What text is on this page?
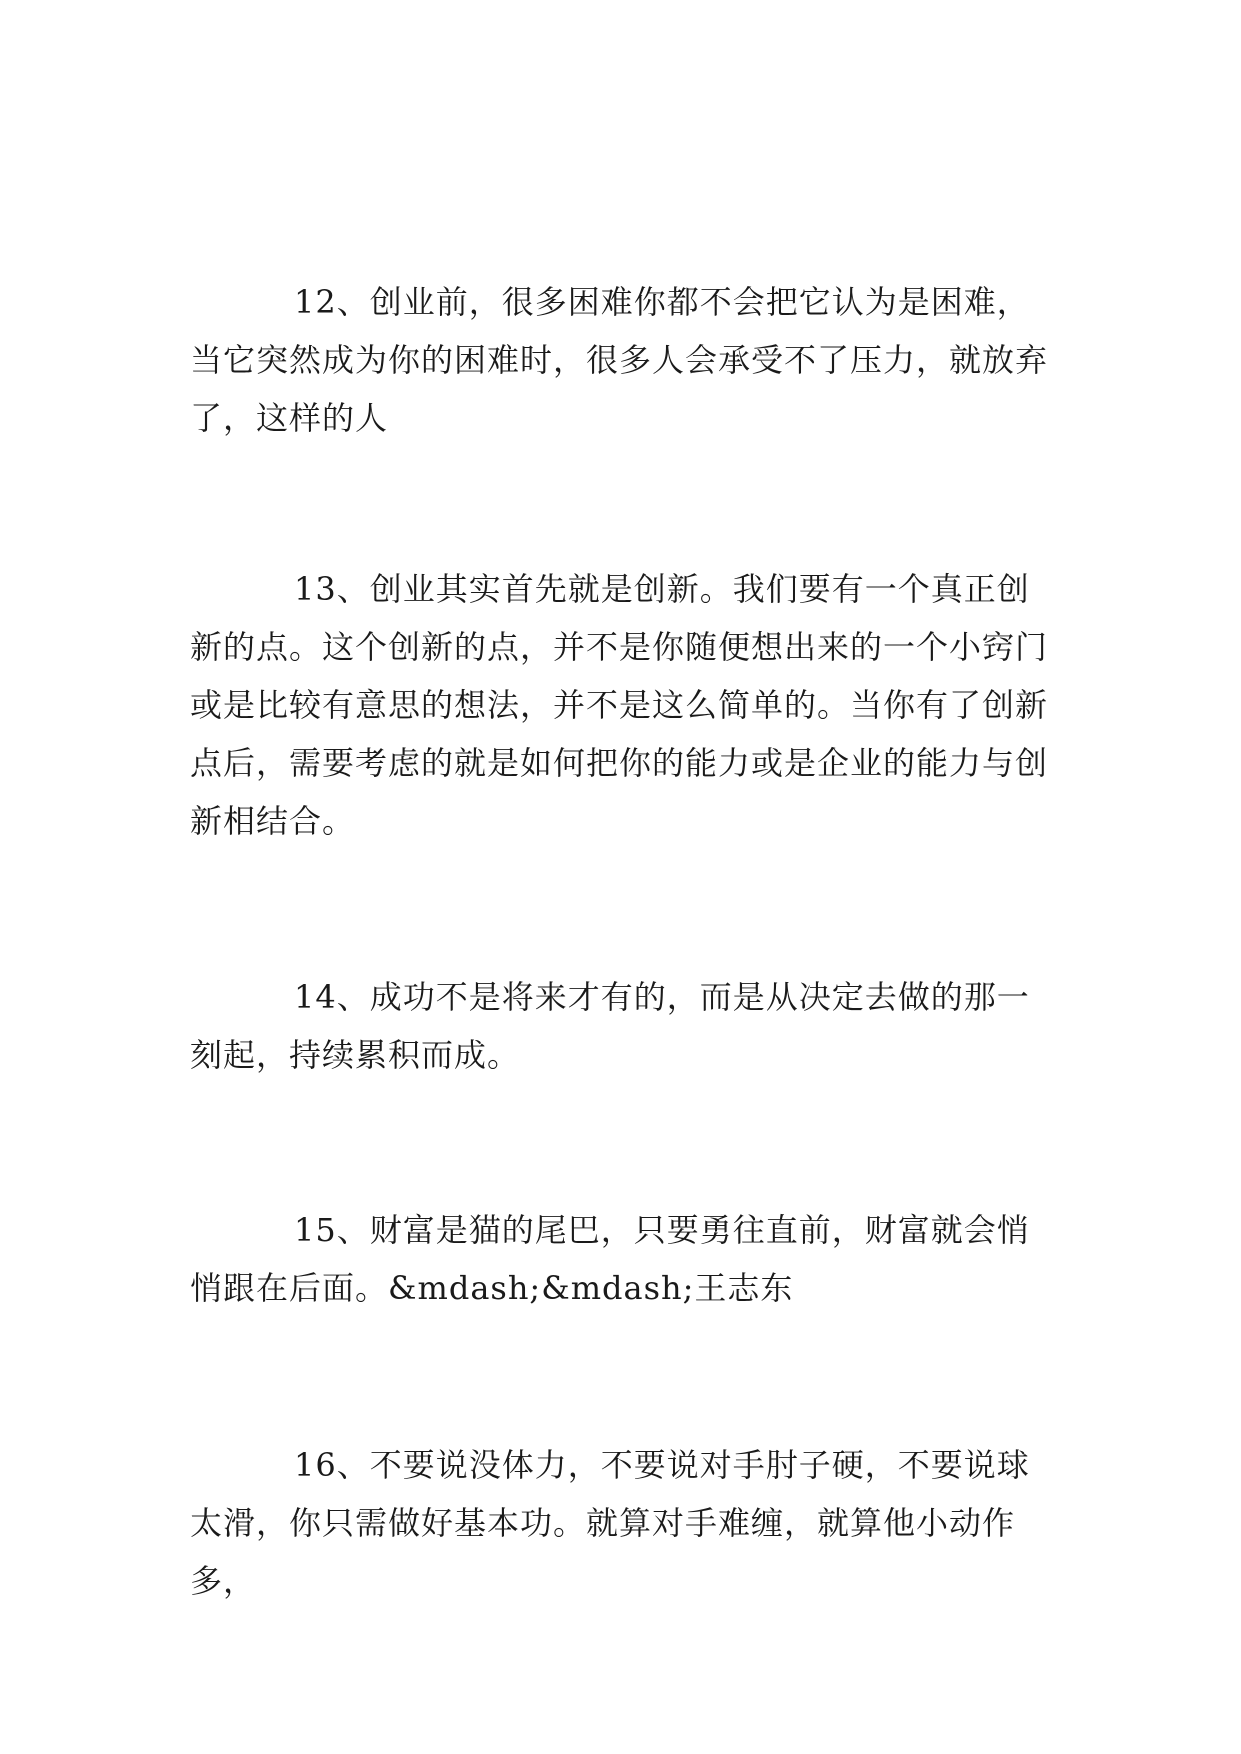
12、创业前，很多困难你都不会把它认为是困难，当它突然成为你的困难时，很多人会承受不了压力，就放弃了，这样的人

13、创业其实首先就是创新。我们要有一个真正创新的点。这个创新的点，并不是你随便想出来的一个小窍门或是比较有意思的想法，并不是这么简单的。当你有了创新点后，需要考虑的就是如何把你的能力或是企业的能力与创新相结合。

14、成功不是将来才有的，而是从决定去做的那一刻起，持续累积而成。

15、财富是猫的尾巴，只要勇往直前，财富就会悄悄跟在后面。&mdash;&mdash;王志东

16、不要说没体力，不要说对手肘子硬，不要说球太滑，你只需做好基本功。就算对手难缠，就算他小动作多，
